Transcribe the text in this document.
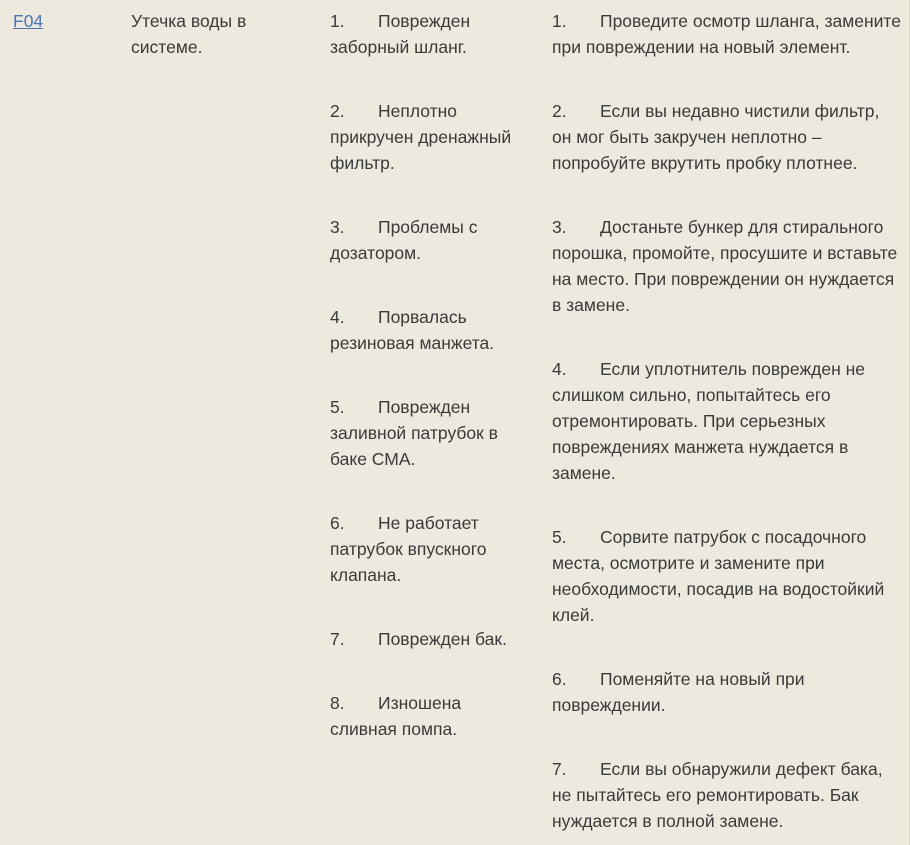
F04	Утечка воды в системе.

1. Поврежден заборный шланг.

2. Неплотно прикручен дренажный фильтр.

3. Проблемы с дозатором.

4. Порвалась резиновая манжета.

5. Поврежден заливной патрубок в баке СМА.

6. Не работает патрубок впускного клапана.

7. Поврежден бак.

8. Изношена сливная помпа.

1. Проведите осмотр шланга, замените при повреждении на новый элемент.

2. Если вы недавно чистили фильтр, он мог быть закручен неплотно – попробуйте вкрутить пробку плотнее.

3. Достаньте бункер для стирального порошка, промойте, просушите и вставьте на место. При повреждении он нуждается в замене.

4. Если уплотнитель поврежден не слишком сильно, попытайтесь его отремонтировать. При серьезных повреждениях манжета нуждается в замене.

5. Сорвите патрубок с посадочного места, осмотрите и замените при необходимости, посадив на водостойкий клей.

6. Поменяйте на новый при повреждении.

7. Если вы обнаружили дефект бака, не пытайтесь его ремонтировать. Бак нуждается в полной замене.
